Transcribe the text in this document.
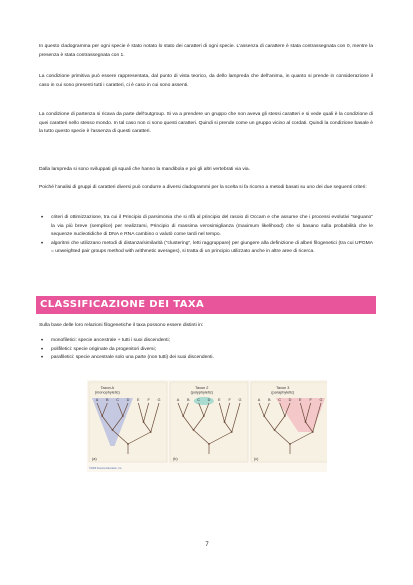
In questo cladogramma per ogni specie è stato notato lo stato dei caratteri di ogni specie. L'assenza di carattere è stata contrassegnata con 0, mentre la presenza è stata contrassegnata con 1.

La condizione primitiva può essere rappresentata, dal punto di vista teorico, da dello lampreda che dell'anima, in quanto si prende in considerazione il caso in cui sono presenti tutti i caratteri, ci è caso in cui sono assenti.

La condizione di partenza si ricava da parte dell'outgroup. Si va a prendere un gruppo che non aveva gli stessi caratteri e si vede quali è la condizione di quei caratteri nello stesso mondo. In tal caso non ci sono questi caratteri. Quindi si prende come un gruppo vicino al cordati. Quindi la condizione basale è la tutto questo specie è l'assenza di questi caratteri.

Dalla lampreda si sono sviluppati gli squali che hanno la mandibola e poi gli altri vertebrati via via.

Poiché l'analisi di gruppi di caratteri diversi può condurre a diversi cladogrammi per la scelta si fa ricorso a metodi basati su uno dei due seguenti criteri:

• criteri di ottimizzazione, tra cui il Principio di parsimonia che si rifà al principio del rasoio di Occam e che assume che i processi evolutivi "seguano" la via più breve (semplice) per realizzarsi, Principio di massima verosimiglianza (maximum likelihood) che si basano sulla probabilità che le sequenze nucleotidiche di DNA e RNA cambino o valutò come tardi nel tempo.
• algoritmi che utilizzano metodi di distanza/similarità ("clustering", letti raggruppare) per giungere alla definizione di alberi filogenetici (tra cui UPGMA = unweighted pair groups method with arithmetic averages), si tratta di un principio utilizzato anche in altre aree di ricerca.
CLASSIFICAZIONE DEI TAXA

Sulla base delle loro relazioni filogenetiche il taxa possono essere distinti in:

• monofiletici: specie ancestrale + tutti i suoi discendenti;
• polifiletici: specie originate da progenitori diversi;
• parafiletici: specie ancestrale solo una parte (non tutti) dei suoi discendenti.
Taxon A
(monophyletic)
A B C D E F G
(a)
Taxon 2
(polyphyletic)
A B C D E F G
(b)
Taxon 3
(paraphyletic)
A B C D E F G
(c)
©2006 Pearson Education, Inc.
7
